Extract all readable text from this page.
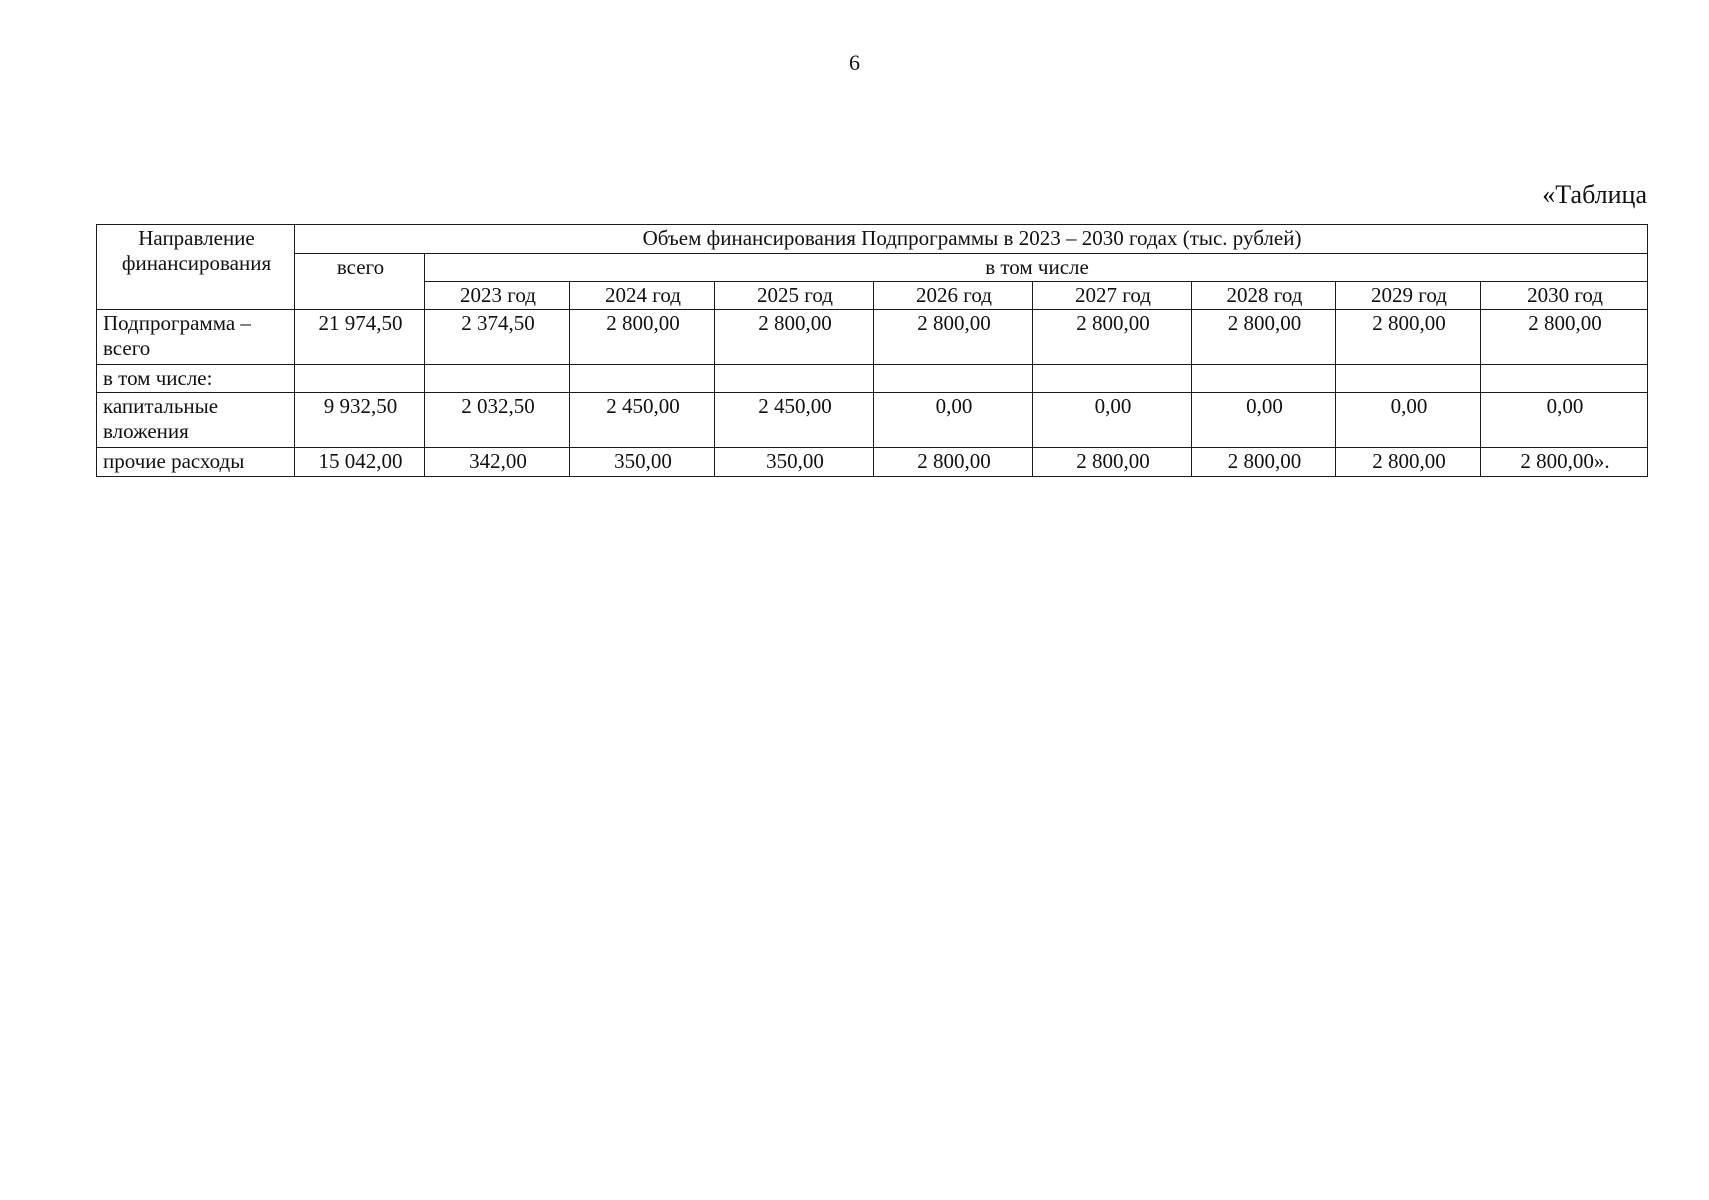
6
«Таблица
Направление финансирования	Объем финансирования Подпрограммы в 2023 – 2030 годах (тыс. рублей)								
	всего	в том числе							
		2023 год	2024 год	2025 год	2026 год	2027 год	2028 год	2029 год	2030 год
Подпрограмма – всего	21 974,50	2 374,50	2 800,00	2 800,00	2 800,00	2 800,00	2 800,00	2 800,00	2 800,00
в том числе:									
капитальные вложения	9 932,50	2 032,50	2 450,00	2 450,00	0,00	0,00	0,00	0,00	0,00
прочие расходы	15 042,00	342,00	350,00	350,00	2 800,00	2 800,00	2 800,00	2 800,00	2 800,00».
